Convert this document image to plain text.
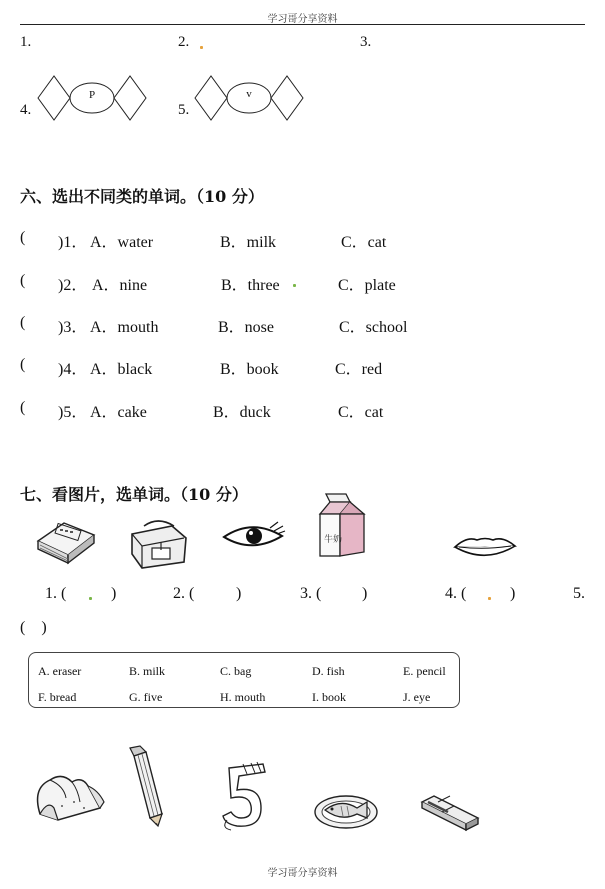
学习哥分享资料
1.	2.	3.
4.
P
5.
v
六、选出不同类的单词。（10 分）
( )1． A．water	B．milk	C．cat
( )2． A．nine	B．three	C．plate
( )3． A．mouth	B．nose	C．school
( )4． A．black	B．book	C．red
( )5． A．cake	B．duck	C．cat
七、看图片，选单词。（10 分）
牛奶
1. (	)	2. (	)	3. (	)	4. (	)	5.
(    )
A. eraser	B. milk	C. bag	D. fish	E. pencil
F. bread	G. five	H. mouth	I. book	J. eye
学习哥分享资料
